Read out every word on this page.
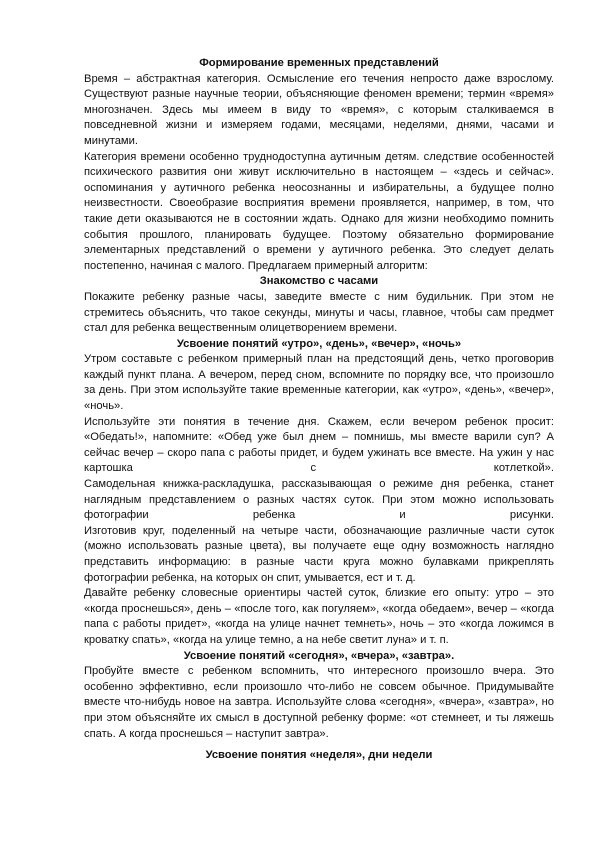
Формирование временных представлений

Время – абстрактная категория. Осмысление его течения непросто даже взрослому. Существуют разные научные теории, объясняющие феномен времени; термин «время» многозначен. Здесь мы имеем в виду то «время», с которым сталкиваемся в повседневной жизни и измеряем годами, месяцами, неделями, днями, часами и минутами.

Категория времени особенно труднодоступна аутичным детям. следствие особенностей психического развития они живут исключительно в настоящем – «здесь и сейчас». оспоминания у аутичного ребенка неосознанны и избирательны, а будущее полно неизвестности. Своеобразие восприятия времени проявляется, например, в том, что такие дети оказываются не в состоянии ждать. Однако для жизни необходимо помнить события прошлого, планировать будущее. Поэтому обязательно формирование элементарных представлений о времени у аутичного ребенка. Это следует делать постепенно, начиная с малого. Предлагаем примерный алгоритм:

Знакомство с часами

Покажите ребенку разные часы, заведите вместе с ним будильник. При этом не стремитесь объяснить, что такое секунды, минуты и часы, главное, чтобы сам предмет стал для ребенка вещественным олицетворением времени.

Усвоение понятий «утро», «день», «вечер», «ночь»

Утром составьте с ребенком примерный план на предстоящий день, четко проговорив каждый пункт плана. А вечером, перед сном, вспомните по порядку все, что произошло за день. При этом используйте такие временные категории, как «утро», «день», «вечер», «ночь».

Используйте эти понятия в течение дня. Скажем, если вечером ребенок просит: «Обедать!», напомните: «Обед уже был днем – помнишь, мы вместе варили суп? А сейчас вечер – скоро папа с работы придет, и будем ужинать все вместе. На ужин у нас картошка с котлеткой».

Самодельная книжка-раскладушка, рассказывающая о режиме дня ребенка, станет наглядным представлением о разных частях суток. При этом можно использовать фотографии ребенка и рисунки.

Изготовив круг, поделенный на четыре части, обозначающие различные части суток (можно использовать разные цвета), вы получаете еще одну возможность наглядно представить информацию: в разные части круга можно булавками прикреплять фотографии ребенка, на которых он спит, умывается, ест и т. д.

Давайте ребенку словесные ориентиры частей суток, близкие его опыту: утро – это «когда проснешься», день – «после того, как погуляем», «когда обедаем», вечер – «когда папа с работы придет», «когда на улице начнет темнеть», ночь – это «когда ложимся в кроватку спать», «когда на улице темно, а на небе светит луна» и т. п.

Усвоение понятий «сегодня», «вчера», «завтра».

Пробуйте вместе с ребенком вспомнить, что интересного произошло вчера. Это особенно эффективно, если произошло что-либо не совсем обычное. Придумывайте вместе что-нибудь новое на завтра. Используйте слова «сегодня», «вчера», «завтра», но при этом объясняйте их смысл в доступной ребенку форме: «от стемнеет, и ты ляжешь спать. А когда проснешься – наступит завтра».

Усвоение понятия «неделя», дни недели
